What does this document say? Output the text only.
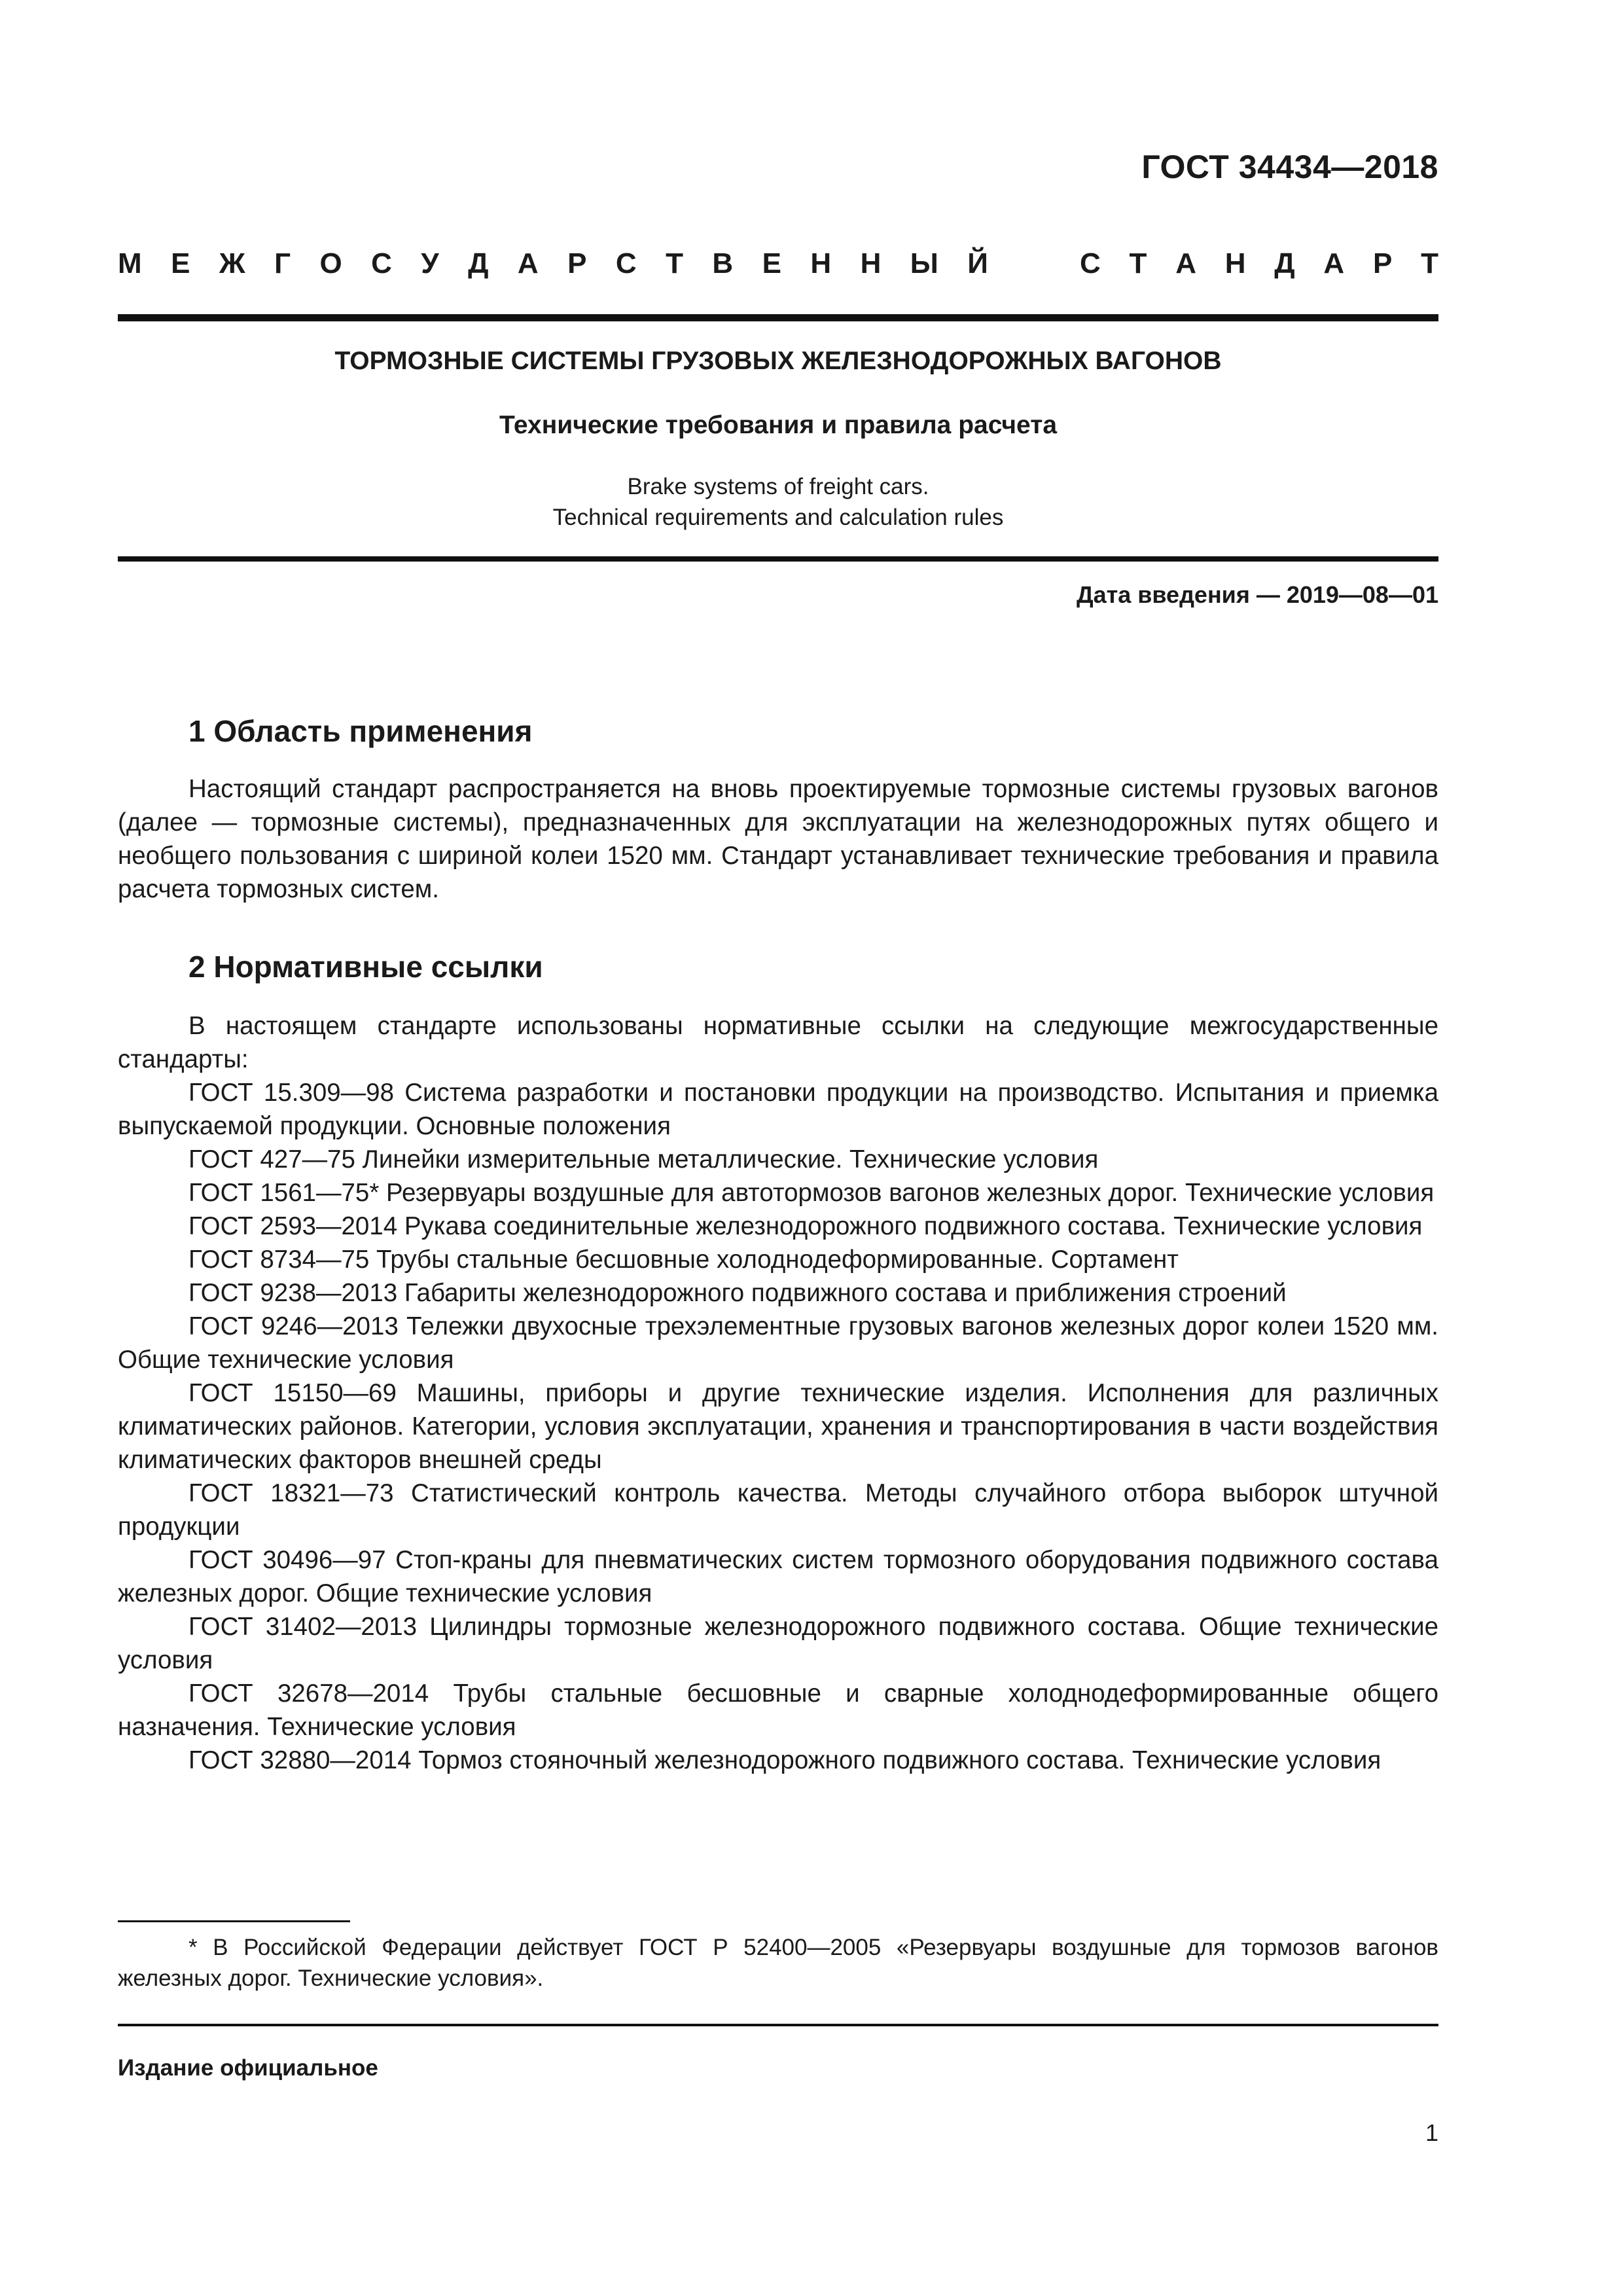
ГОСТ 34434—2018
М Е Ж Г О С У Д А Р С Т В Е Н Н Ы Й	С Т А Н Д А Р Т
ТОРМОЗНЫЕ СИСТЕМЫ ГРУЗОВЫХ ЖЕЛЕЗНОДОРОЖНЫХ ВАГОНОВ
Технические требования и правила расчета
Brake systems of freight cars.
Technical requirements and calculation rules
Дата введения — 2019—08—01
1 Область применения

Настоящий стандарт распространяется на вновь проектируемые тормозные системы грузовых вагонов (далее — тормозные системы), предназначенных для эксплуатации на железнодорожных путях общего и необщего пользования с шириной колеи 1520 мм. Стандарт устанавливает технические требования и правила расчета тормозных систем.

2 Нормативные ссылки

В настоящем стандарте использованы нормативные ссылки на следующие межгосударственные стандарты:

ГОСТ 15.309—98 Система разработки и постановки продукции на производство. Испытания и приемка выпускаемой продукции. Основные положения

ГОСТ 427—75 Линейки измерительные металлические. Технические условия

ГОСТ 1561—75* Резервуары воздушные для автотормозов вагонов железных дорог. Технические условия

ГОСТ 2593—2014 Рукава соединительные железнодорожного подвижного состава. Технические условия

ГОСТ 8734—75 Трубы стальные бесшовные холоднодеформированные. Сортамент

ГОСТ 9238—2013 Габариты железнодорожного подвижного состава и приближения строений

ГОСТ 9246—2013 Тележки двухосные трехэлементные грузовых вагонов железных дорог колеи 1520 мм. Общие технические условия

ГОСТ 15150—69 Машины, приборы и другие технические изделия. Исполнения для различных климатических районов. Категории, условия эксплуатации, хранения и транспортирования в части воздействия климатических факторов внешней среды

ГОСТ 18321—73 Статистический контроль качества. Методы случайного отбора выборок штучной продукции

ГОСТ 30496—97 Стоп-краны для пневматических систем тормозного оборудования подвижного состава железных дорог. Общие технические условия

ГОСТ 31402—2013 Цилиндры тормозные железнодорожного подвижного состава. Общие технические условия

ГОСТ 32678—2014 Трубы стальные бесшовные и сварные холоднодеформированные общего назначения. Технические условия

ГОСТ 32880—2014 Тормоз стояночный железнодорожного подвижного состава. Технические условия

* В Российской Федерации действует ГОСТ Р 52400—2005 «Резервуары воздушные для тормозов вагонов железных дорог. Технические условия».

Издание официальное
1
